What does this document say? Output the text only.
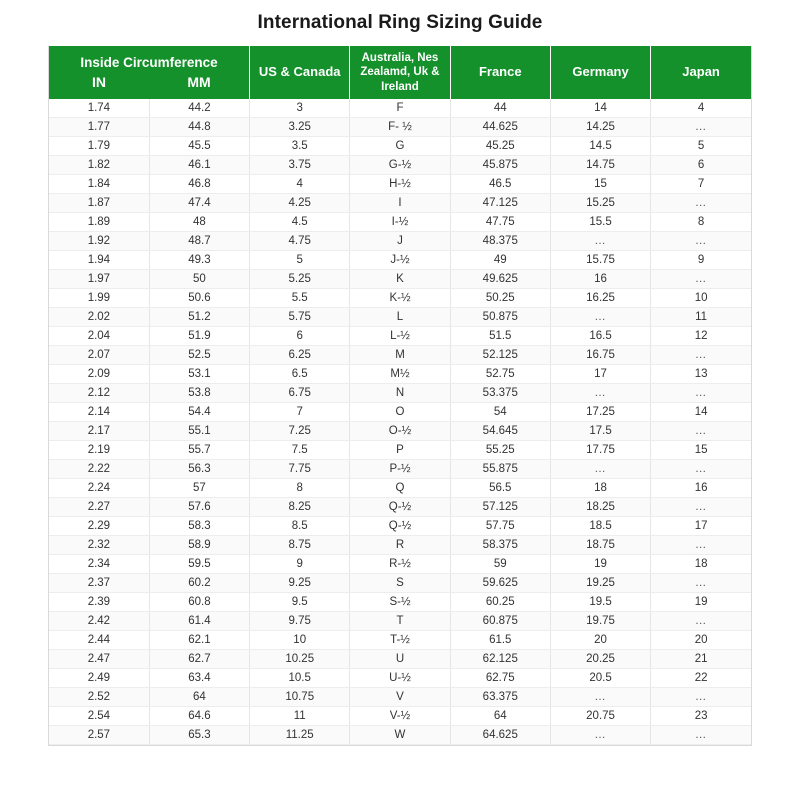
International Ring Sizing Guide
Inside Circumference
IN MM		US & Canada	Australia, Nes Zealamd, Uk & Ireland	France	Germany	Japan
1.74	44.2	3	F	44	14	4
1.77	44.8	3.25	F- ½	44.625	14.25	…
1.79	45.5	3.5	G	45.25	14.5	5
1.82	46.1	3.75	G-½	45.875	14.75	6
1.84	46.8	4	H-½	46.5	15	7
1.87	47.4	4.25	I	47.125	15.25	…
1.89	48	4.5	I-½	47.75	15.5	8
1.92	48.7	4.75	J	48.375	…	…
1.94	49.3	5	J-½	49	15.75	9
1.97	50	5.25	K	49.625	16	…
1.99	50.6	5.5	K-½	50.25	16.25	10
2.02	51.2	5.75	L	50.875	…	11
2.04	51.9	6	L-½	51.5	16.5	12
2.07	52.5	6.25	M	52.125	16.75	…
2.09	53.1	6.5	M½	52.75	17	13
2.12	53.8	6.75	N	53.375	…	…
2.14	54.4	7	O	54	17.25	14
2.17	55.1	7.25	O-½	54.645	17.5	…
2.19	55.7	7.5	P	55.25	17.75	15
2.22	56.3	7.75	P-½	55.875	…	…
2.24	57	8	Q	56.5	18	16
2.27	57.6	8.25	Q-½	57.125	18.25	…
2.29	58.3	8.5	Q-½	57.75	18.5	17
2.32	58.9	8.75	R	58.375	18.75	…
2.34	59.5	9	R-½	59	19	18
2.37	60.2	9.25	S	59.625	19.25	…
2.39	60.8	9.5	S-½	60.25	19.5	19
2.42	61.4	9.75	T	60.875	19.75	…
2.44	62.1	10	T-½	61.5	20	20
2.47	62.7	10.25	U	62.125	20.25	21
2.49	63.4	10.5	U-½	62.75	20.5	22
2.52	64	10.75	V	63.375	…	…
2.54	64.6	11	V-½	64	20.75	23
2.57	65.3	11.25	W	64.625	…	…
